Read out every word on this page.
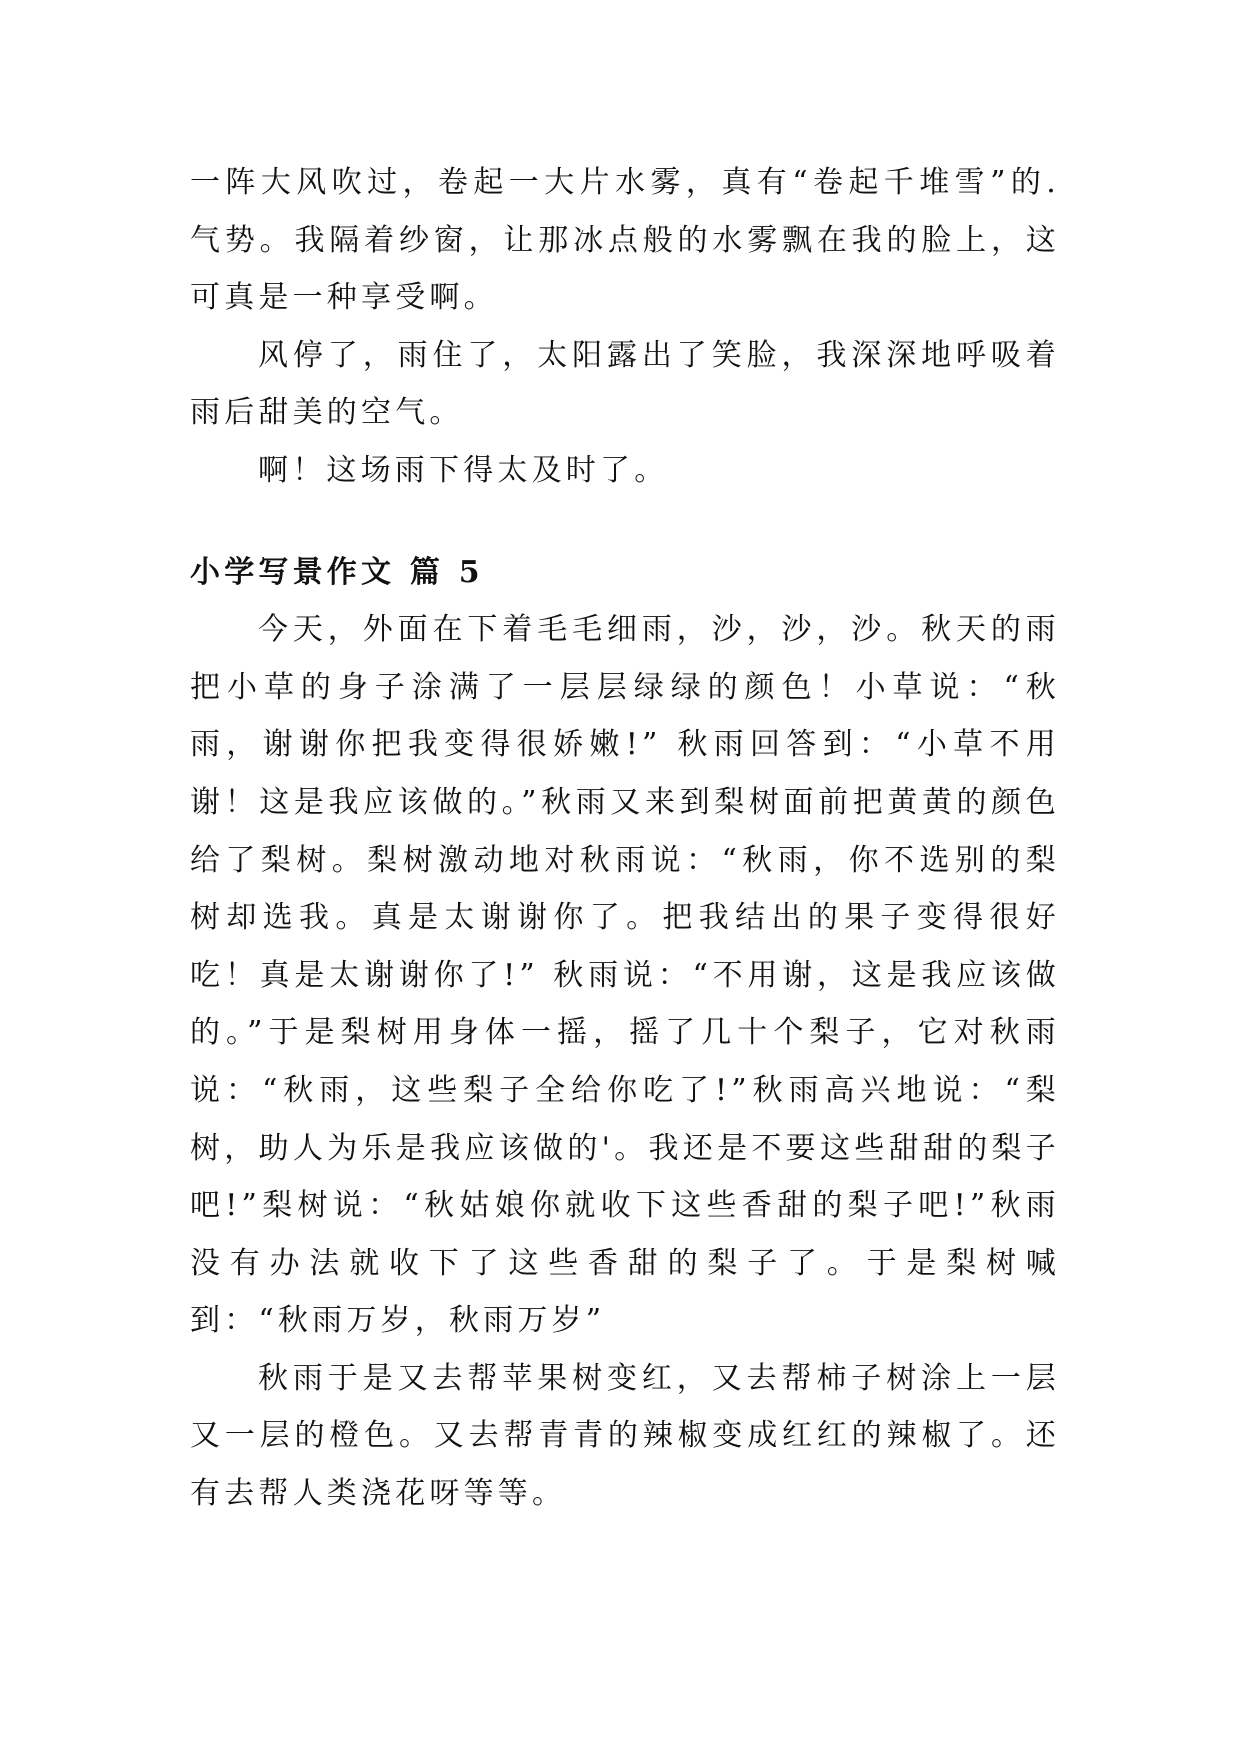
一阵大风吹过，卷起一大片水雾，真有“卷起千堆雪”的.气势。我隔着纱窗，让那冰点般的水雾飘在我的脸上，这可真是一种享受啊。

风停了，雨住了，太阳露出了笑脸，我深深地呼吸着雨后甜美的空气。

啊！这场雨下得太及时了。

小学写景作文 篇 5

今天，外面在下着毛毛细雨，沙，沙，沙。秋天的雨把小草的身子涂满了一层层绿绿的颜色！小草说：“秋雨，谢谢你把我变得很娇嫩!” 秋雨回答到：“小草不用谢！这是我应该做的。”秋雨又来到梨树面前把黄黄的颜色给了梨树。梨树激动地对秋雨说：“秋雨，你不选别的梨树却选我。真是太谢谢你了。把我结出的果子变得很好吃！真是太谢谢你了!” 秋雨说：“不用谢，这是我应该做的。”于是梨树用身体一摇，摇了几十个梨子，它对秋雨说：“秋雨，这些梨子全给你吃了!”秋雨高兴地说：“梨树，助人为乐是我应该做的'。我还是不要这些甜甜的梨子吧!”梨树说：“秋姑娘你就收下这些香甜的梨子吧!”秋雨没有办法就收下了这些香甜的梨子了。于是梨树喊到：“秋雨万岁，秋雨万岁”

秋雨于是又去帮苹果树变红，又去帮柿子树涂上一层又一层的橙色。又去帮青青的辣椒变成红红的辣椒了。还有去帮人类浇花呀等等。
